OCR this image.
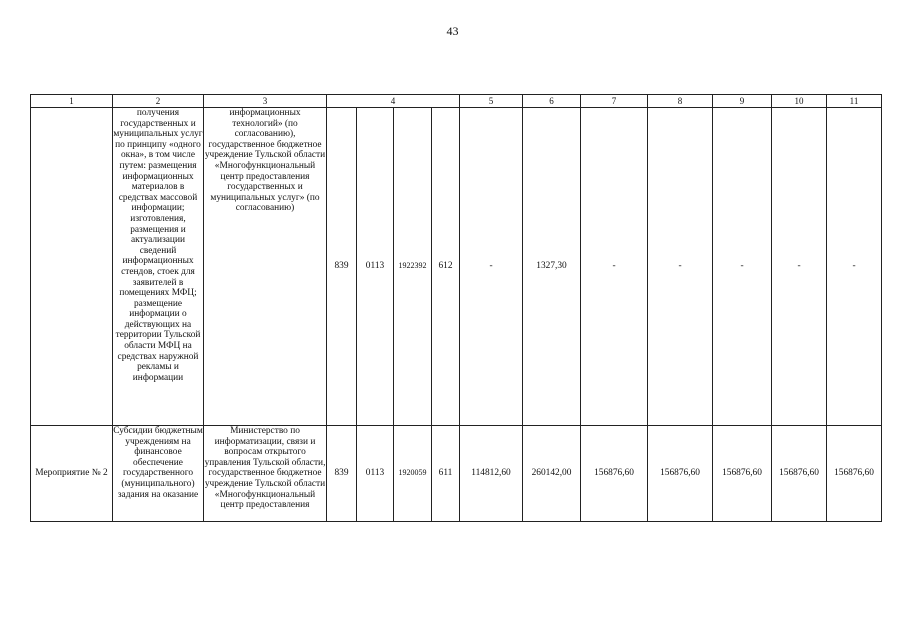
43
1	2	3	4				5	6	7	8	9	10	11
	получения государственных и муниципальных услуг по принципу «одного окна», в том числе путем: размещения информационных материалов в средствах массовой информации; изготовления, размещения и актуализации сведений информационных стендов, стоек для заявителей в помещениях МФЦ; размещение информации о действующих на территории Тульской области МФЦ на средствах наружной рекламы и информации	информационных технологий» (по согласованию), государственное бюджетное учреждение Тульской области «Многофункциональный центр предоставления государственных и муниципальных услуг» (по согласованию)	839	0113	1922392	612	-	1327,30	-	-	-	-	-
Мероприятие № 2	Субсидии бюджетным учреждениям на финансовое обеспечение государственного (муниципального) задания на оказание	Министерство по информатизации, связи и вопросам открытого управления Тульской области, государственное бюджетное учреждение Тульской области «Многофункциональный центр предоставления	839	0113	1920059	611	114812,60	260142,00	156876,60	156876,60	156876,60	156876,60	156876,60
